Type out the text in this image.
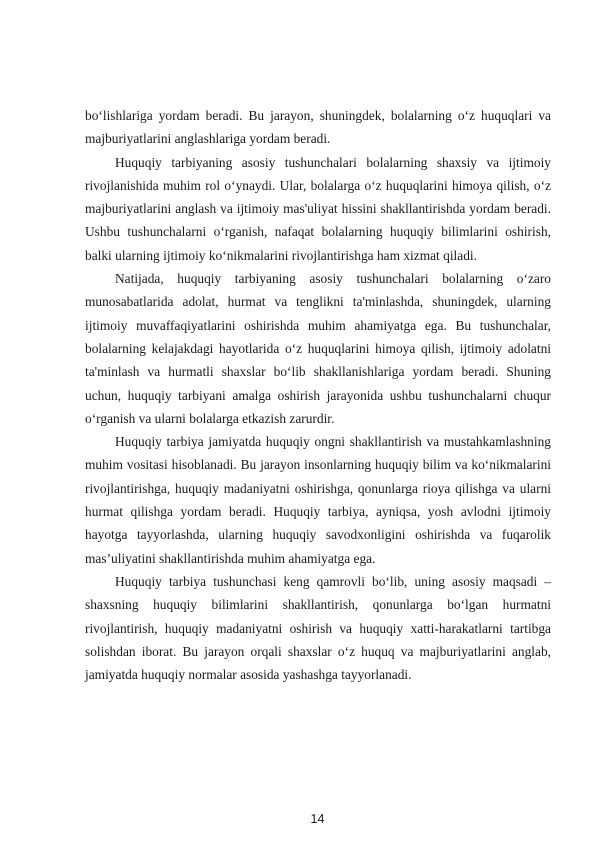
bo‘lishlariga yordam beradi. Bu jarayon, shuningdek, bolalarning o‘z huquqlari va majburiyatlarini anglashlariga yordam beradi.

Huquqiy tarbiyaning asosiy tushunchalari bolalarning shaxsiy va ijtimoiy rivojlanishida muhim rol o‘ynaydi. Ular, bolalarga o‘z huquqlarini himoya qilish, o‘z majburiyatlarini anglash va ijtimoiy mas'uliyat hissini shakllantirishda yordam beradi. Ushbu tushunchalarni o‘rganish, nafaqat bolalarning huquqiy bilimlarini oshirish, balki ularning ijtimoiy ko‘nikmalarini rivojlantirishga ham xizmat qiladi.

Natijada, huquqiy tarbiyaning asosiy tushunchalari bolalarning o‘zaro munosabatlarida adolat, hurmat va tenglikni ta'minlashda, shuningdek, ularning ijtimoiy muvaffaqiyatlarini oshirishda muhim ahamiyatga ega. Bu tushunchalar, bolalarning kelajakdagi hayotlarida o‘z huquqlarini himoya qilish, ijtimoiy adolatni ta'minlash va hurmatli shaxslar bo‘lib shakllanishlariga yordam beradi. Shuning uchun, huquqiy tarbiyani amalga oshirish jarayonida ushbu tushunchalarni chuqur o‘rganish va ularni bolalarga etkazish zarurdir.

Huquqiy tarbiya jamiyatda huquqiy ongni shakllantirish va mustahkamlashning muhim vositasi hisoblanadi. Bu jarayon insonlarning huquqiy bilim va ko‘nikmalarini rivojlantirishga, huquqiy madaniyatni oshirishga, qonunlarga rioya qilishga va ularni hurmat qilishga yordam beradi. Huquqiy tarbiya, ayniqsa, yosh avlodni ijtimoiy hayotga tayyorlashda, ularning huquqiy savodxonligini oshirishda va fuqarolik mas’uliyatini shakllantirishda muhim ahamiyatga ega.

Huquqiy tarbiya tushunchasi keng qamrovli bo‘lib, uning asosiy maqsadi – shaxsning huquqiy bilimlarini shakllantirish, qonunlarga bo‘lgan hurmatni rivojlantirish, huquqiy madaniyatni oshirish va huquqiy xatti-harakatlarni tartibga solishdan iborat. Bu jarayon orqali shaxslar o‘z huquq va majburiyatlarini anglab, jamiyatda huquqiy normalar asosida yashashga tayyorlanadi.

14
